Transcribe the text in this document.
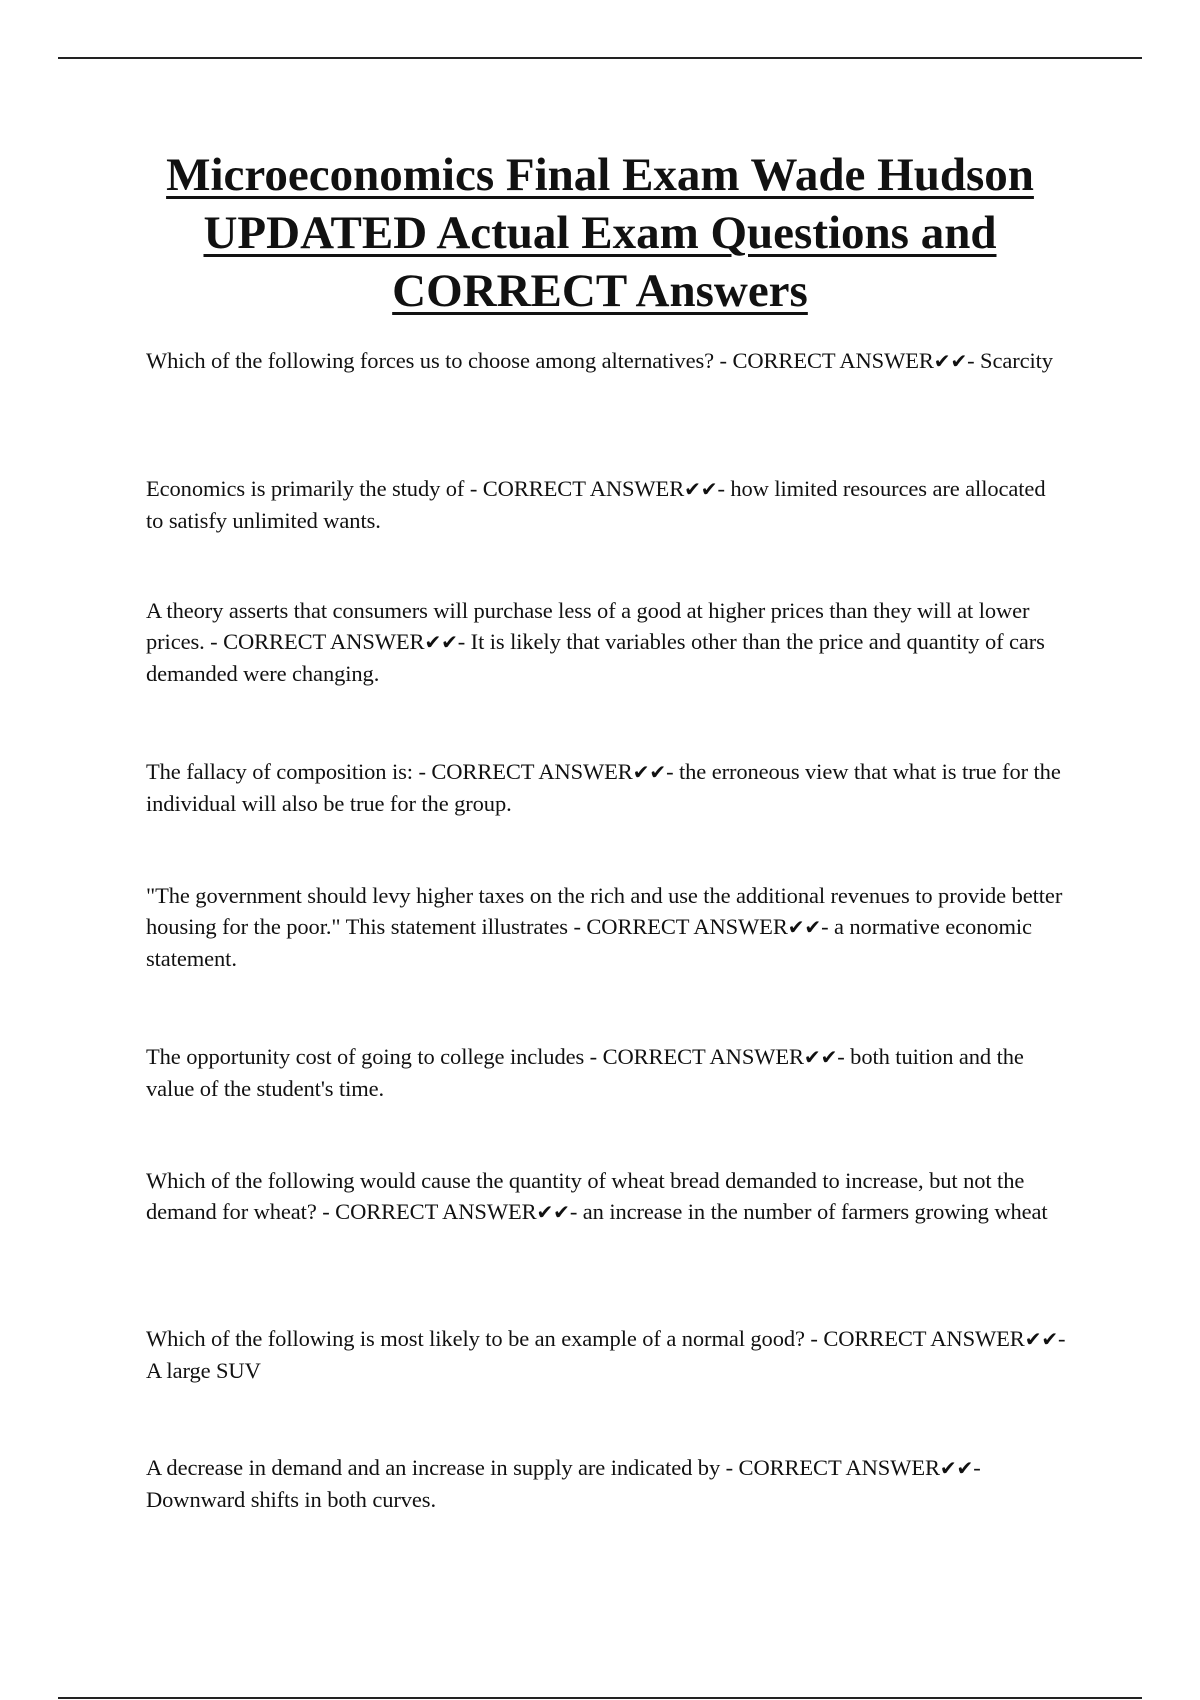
Microeconomics Final Exam Wade Hudson UPDATED Actual Exam Questions and CORRECT Answers

Which of the following forces us to choose among alternatives? - CORRECT ANSWER✔✔- Scarcity

Economics is primarily the study of - CORRECT ANSWER✔✔- how limited resources are allocated to satisfy unlimited wants.

A theory asserts that consumers will purchase less of a good at higher prices than they will at lower prices. - CORRECT ANSWER✔✔- It is likely that variables other than the price and quantity of cars demanded were changing.

The fallacy of composition is: - CORRECT ANSWER✔✔- the erroneous view that what is true for the individual will also be true for the group.

"The government should levy higher taxes on the rich and use the additional revenues to provide better housing for the poor." This statement illustrates - CORRECT ANSWER✔✔- a normative economic statement.

The opportunity cost of going to college includes - CORRECT ANSWER✔✔- both tuition and the value of the student's time.

Which of the following would cause the quantity of wheat bread demanded to increase, but not the demand for wheat? - CORRECT ANSWER✔✔- an increase in the number of farmers growing wheat

Which of the following is most likely to be an example of a normal good? - CORRECT ANSWER✔✔- A large SUV

A decrease in demand and an increase in supply are indicated by - CORRECT ANSWER✔✔- Downward shifts in both curves.
